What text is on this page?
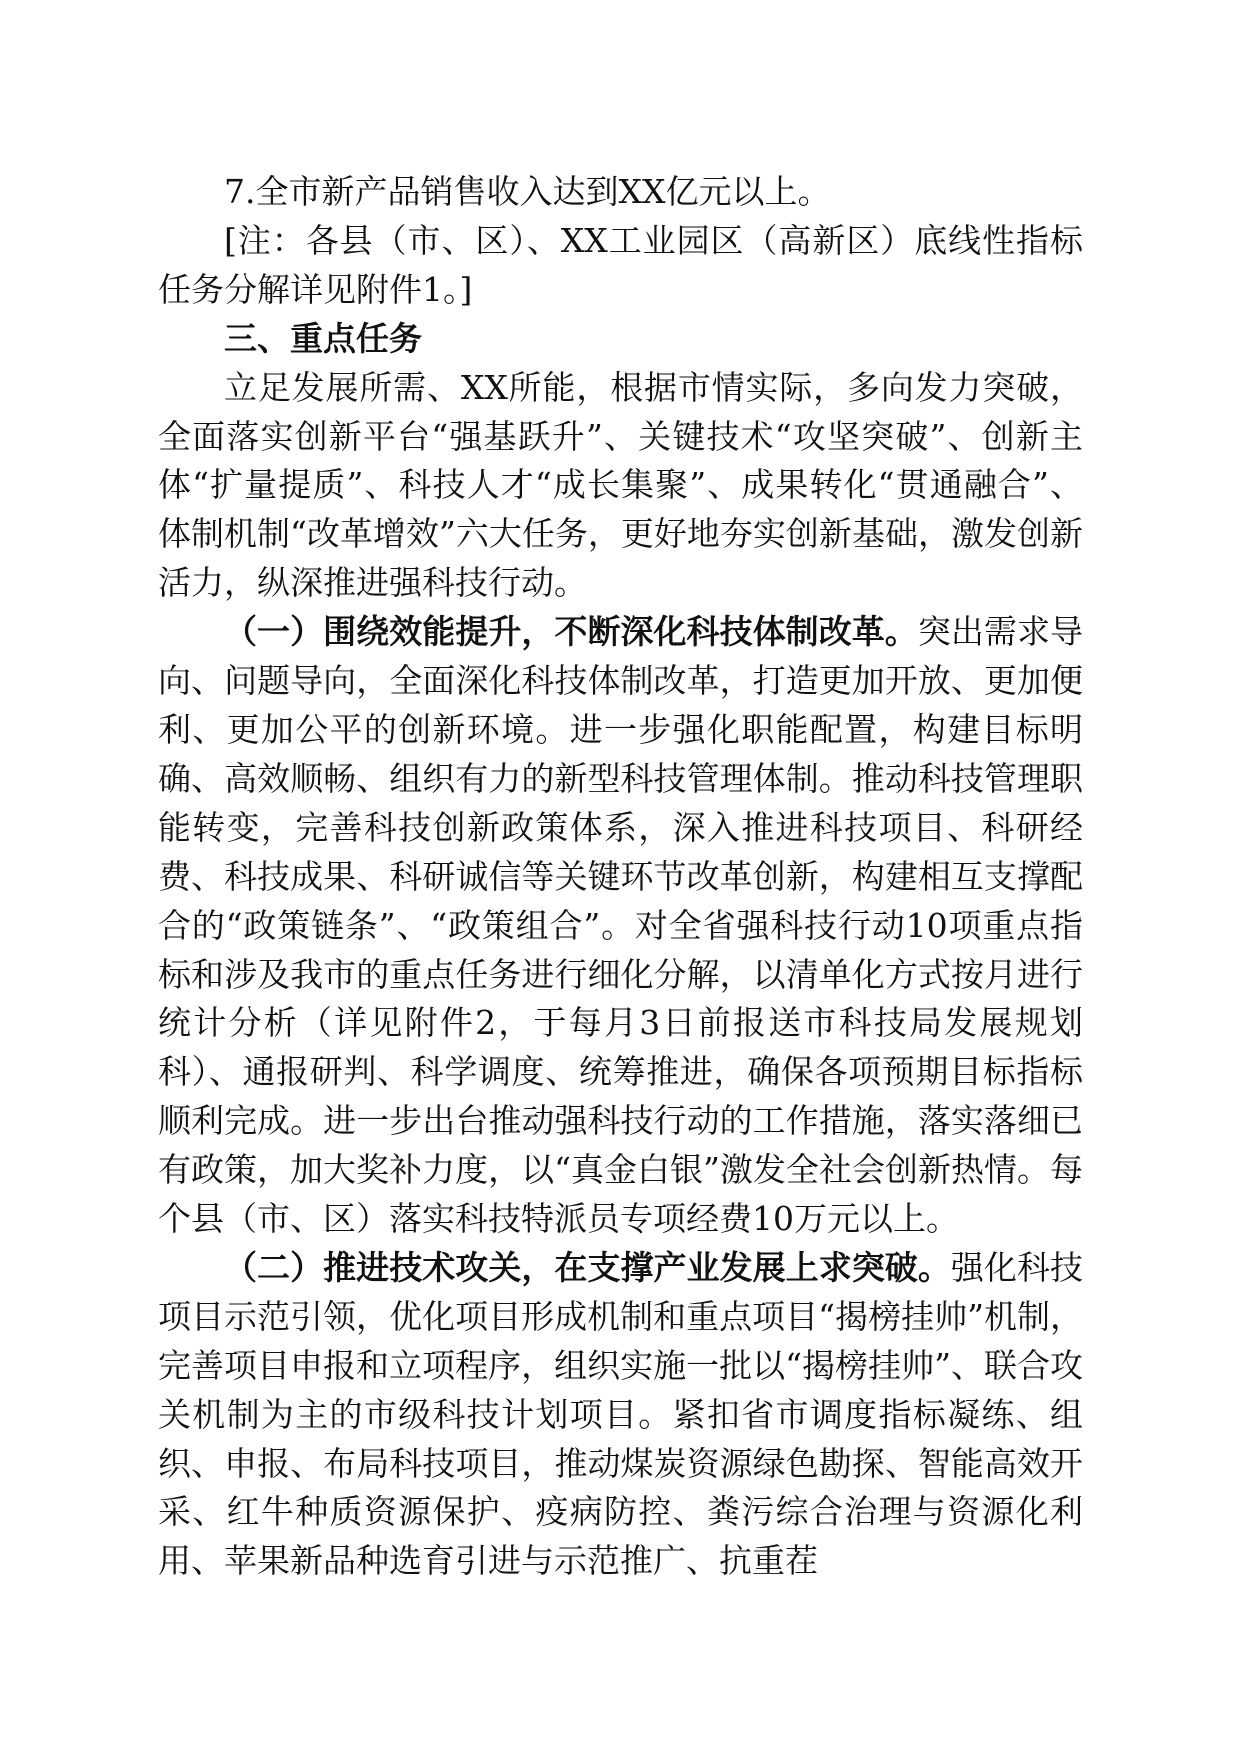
7.全市新产品销售收入达到XX亿元以上。

[注：各县（市、区）、XX工业园区（高新区）底线性指标任务分解详见附件1。]

三、重点任务

立足发展所需、XX所能，根据市情实际，多向发力突破，全面落实创新平台“强基跃升”、关键技术“攻坚突破”、创新主体“扩量提质”、科技人才“成长集聚”、成果转化“贯通融合”、体制机制“改革增效”六大任务，更好地夯实创新基础，激发创新活力，纵深推进强科技行动。

（一）围绕效能提升，不断深化科技体制改革。突出需求导向、问题导向，全面深化科技体制改革，打造更加开放、更加便利、更加公平的创新环境。进一步强化职能配置，构建目标明确、高效顺畅、组织有力的新型科技管理体制。推动科技管理职能转变，完善科技创新政策体系，深入推进科技项目、科研经费、科技成果、科研诚信等关键环节改革创新，构建相互支撑配合的“政策链条”、“政策组合”。对全省强科技行动10项重点指标和涉及我市的重点任务进行细化分解，以清单化方式按月进行统计分析（详见附件2，于每月3日前报送市科技局发展规划科）、通报研判、科学调度、统筹推进，确保各项预期目标指标顺利完成。进一步出台推动强科技行动的工作措施，落实落细已有政策，加大奖补力度，以“真金白银”激发全社会创新热情。每个县（市、区）落实科技特派员专项经费10万元以上。

（二）推进技术攻关，在支撑产业发展上求突破。强化科技项目示范引领，优化项目形成机制和重点项目“揭榜挂帅”机制，完善项目申报和立项程序，组织实施一批以“揭榜挂帅”、联合攻关机制为主的市级科技计划项目。紧扣省市调度指标凝练、组织、申报、布局科技项目，推动煤炭资源绿色勘探、智能高效开采、红牛种质资源保护、疫病防控、粪污综合治理与资源化利用、苹果新品种选育引进与示范推广、抗重茬
